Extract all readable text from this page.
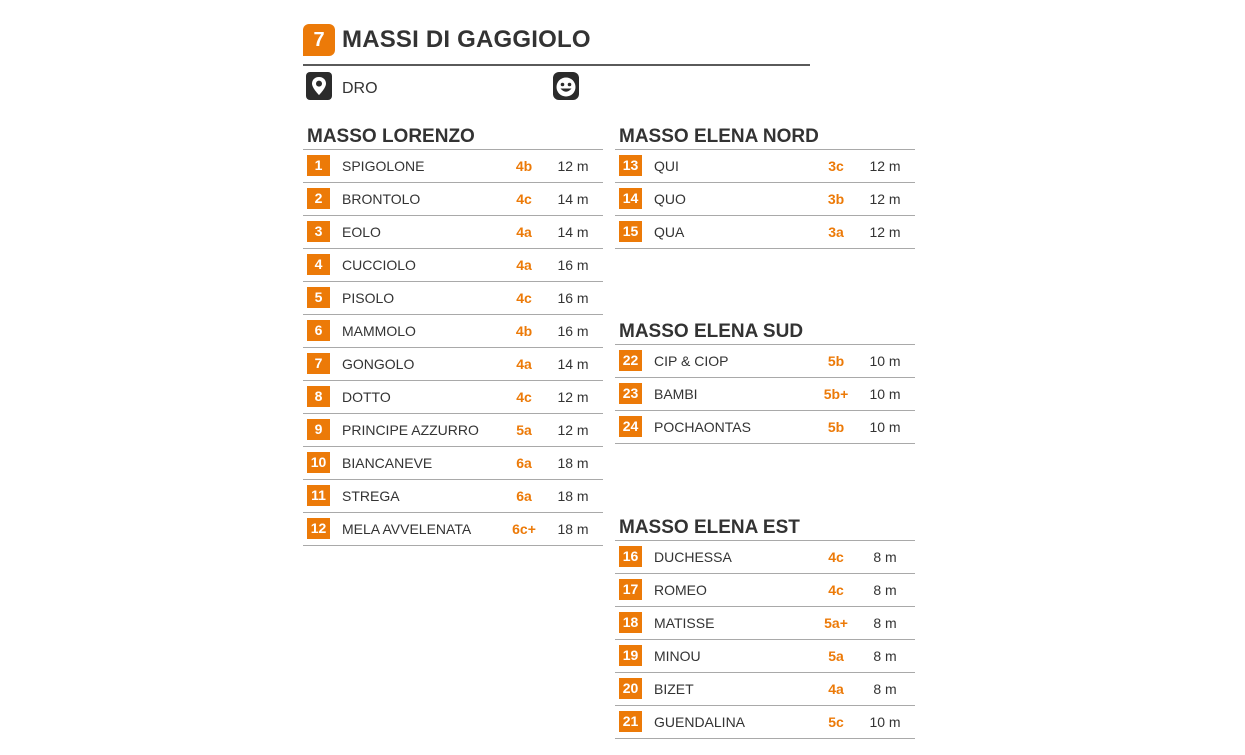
7 MASSI DI GAGGIOLO
DRO
MASSO LORENZO
1	SPIGOLONE	4b	12 m
2	BRONTOLO	4c	14 m
3	EOLO	4a	14 m
4	CUCCIOLO	4a	16 m
5	PISOLO	4c	16 m
6	MAMMOLO	4b	16 m
7	GONGOLO	4a	14 m
8	DOTTO	4c	12 m
9	PRINCIPE AZZURRO	5a	12 m
10 BIANCANEVE	6a	18 m
11 STREGA	6a	18 m
12 MELA AVVELENATA	6c+	18 m
MASSO ELENA NORD
13 QUI	3c	12 m
14 QUO	3b	12 m
15 QUA	3a	12 m
MASSO ELENA SUD
22 CIP & CIOP	5b	10 m
23 BAMBI	5b+	10 m
24 POCHAONTAS	5b	10 m
MASSO ELENA EST
16 DUCHESSA	4c	8 m
17 ROMEO	4c	8 m
18 MATISSE	5a+	8 m
19 MINOU	5a	8 m
20 BIZET	4a	8 m
21 GUENDALINA	5c	10 m
